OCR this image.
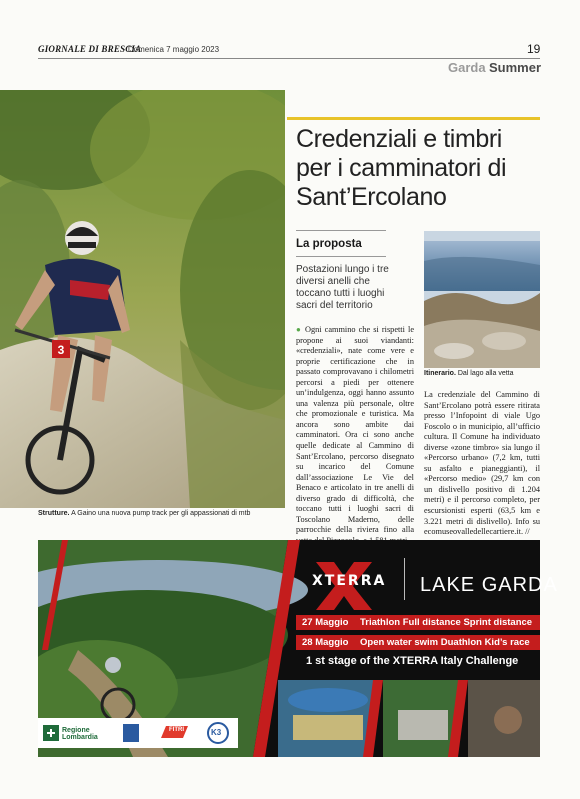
GIORNALE DI BRESCIA
· Domenica 7 maggio 2023	19
Garda Summer
3
Strutture. A Gaino una nuova pump track per gli appassionati di mtb
Credenziali e timbri per i camminatori di Sant’Ercolano
La proposta
Postazioni lungo i tre diversi anelli che toccano tutti i luoghi sacri del territorio
● Ogni cammino che si rispetti le propone ai suoi viandanti: «credenziali», nate come vere e proprie certificazione che in passato comprovavano i chilometri percorsi a piedi per ottenere un’indulgenza, oggi hanno assunto una valenza più personale, oltre che promozionale e turistica. Ma ancora sono ambite dai camminatori. Ora ci sono anche quelle dedicate al Cammino di Sant’Ercolano, percorso disegnato su incarico del Comune dall’associazione Le Vie del Benaco e articolato in tre anelli di diverso grado di difficoltà, che toccano tutti i luoghi sacri di Toscolano Maderno, delle parrocchie della riviera fino alla
Itinerario. Dal lago alla vetta
La credenziale del Cammino di Sant’Ercolano potrà essere ritirata presso l’Infopoint di viale Ugo Foscolo o in municipio, all’ufficio cultura. Il Comune ha individuato diverse «zone timbro» sia lungo il «Percorso urbano» (7,2 km, tutti su asfalto e pianeggianti), il «Percorso medio» (29,7 km con un dislivello positivo di 1.204 metri) e il percorso completo, per escursionisti esperti (63,5 km e 3.221 metri di dislivello). Info su ecomuseovalledellecartiere.it. //
XTERRA LAKE GARDA
27 Maggio Triathlon Full distance Sprint distance
28 Maggio Open water swim Duathlon Kid’s race
1 st stage of the XTERRA Italy Challenge
Regione Lombardia
FITRI	K3
